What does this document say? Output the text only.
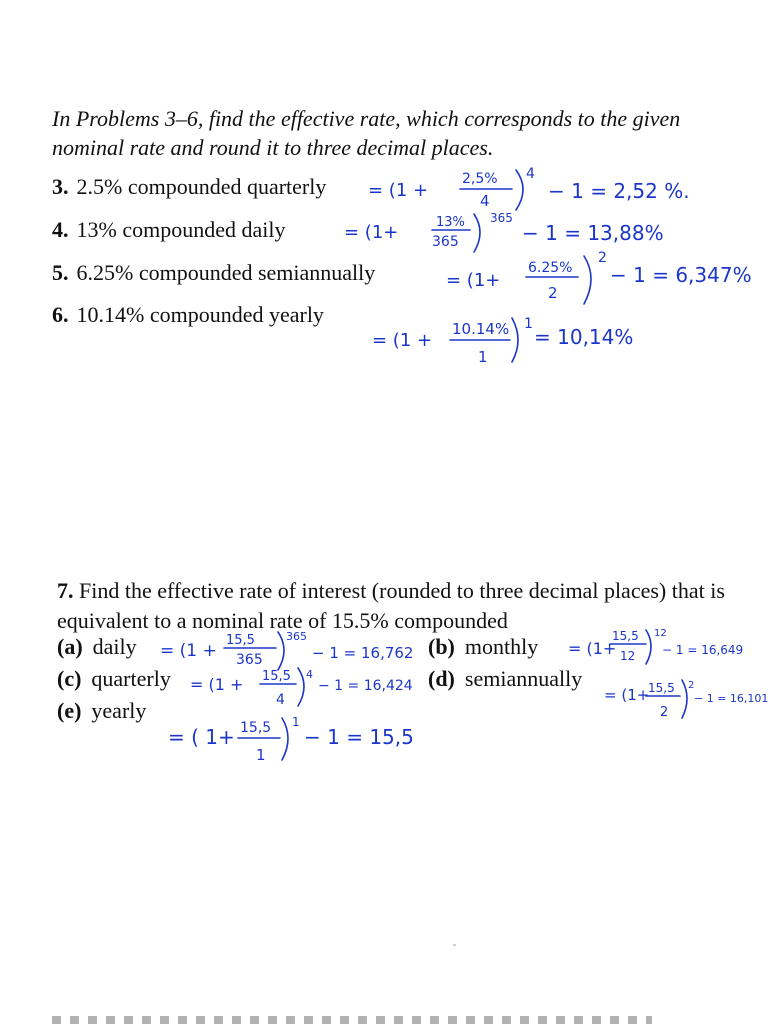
In Problems 3–6, find the effective rate, which corresponds to the given nominal rate and round it to three decimal places.
3. 2.5% compounded quarterly
4. 13% compounded daily
5. 6.25% compounded semiannually
6. 10.14% compounded yearly
7. Find the effective rate of interest (rounded to three decimal places) that is equivalent to a nominal rate of 15.5% compounded
(a) daily	(b) monthly
(c) quarterly	(d) semiannually
(e) yearly
= (1 +
2,5%
4
4
− 1 = 2,52 %.
= (1+	13%
365
365
− 1 = 13,88%
= (1+
6.25%
2
2
− 1 = 6,347%
= (1 +
10.14%
1
1
= 10,14%
= (1 +
15,5
365
365
− 1 = 16,762	= (1+
15,5
12
12
− 1 = 16,649
= (1 + 15,5
4
4
− 1 = 16,424	= (1+
15,5
2
2
− 1 = 16,101
= ( 1+ 15,5
1
1
− 1 = 15,5
